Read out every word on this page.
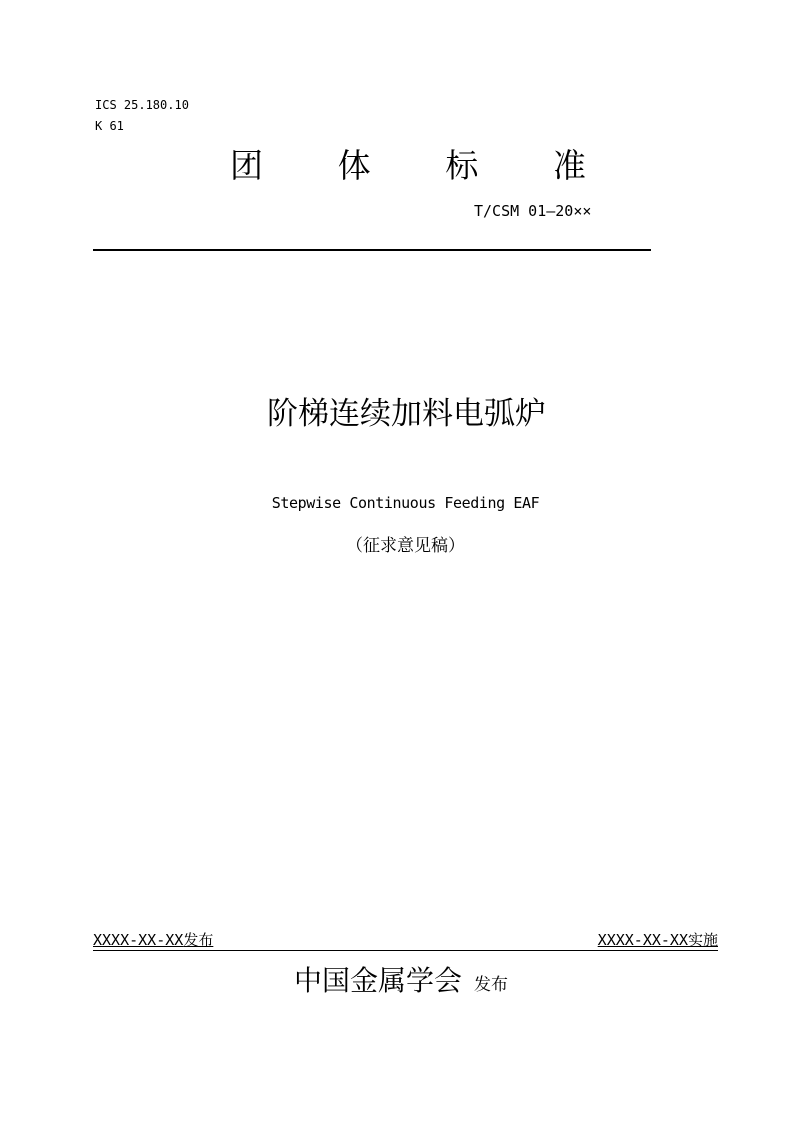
ICS 25.180.10
K 61
团 体 标 准
T/CSM 01—20××
阶梯连续加料电弧炉
Stepwise Continuous Feeding EAF
（征求意见稿）
XXXX-XX-XX发布	XXXX-XX-XX实施
中国金属学会 发布
